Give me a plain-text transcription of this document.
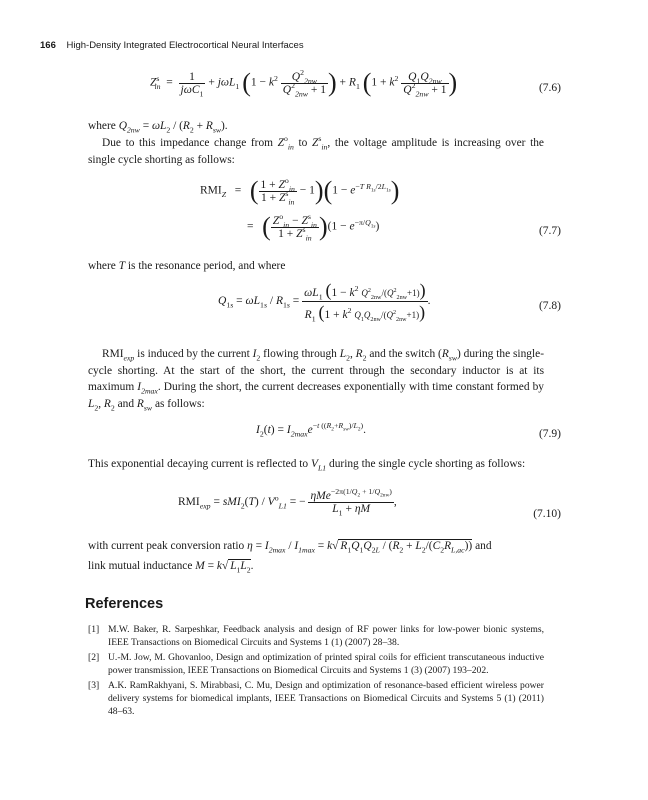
166 High-Density Integrated Electrocortical Neural Interfaces
$Z^s_{in} = \frac{1}{j\omega C_1} + j\omega L_1$ ($1 - k^2 \frac{Q^2_{2nw}}{Q^2_{2nw} + 1}$ ) + $R_1$ ($1 + k^2 \frac{Q_1Q_{2nw}}{Q^2_{2nw} + 1}$ )	(7.6)
where $Q_{2nw} = \omega L_2 / (R_2 + R_{sw})$.
Due to this impedance change from $Z^o_{in}$ to $Z^s_{in}$, the voltage amplitude is increasing over the single cycle shorting as follows:
$RMI_Z$   =   ( $\frac{1 + Z^o_{in}}{1 + Z^s_{in}} - 1)(1 - e^{-T R_{1s}/2L_{1s}})$
=   ( $\frac{Z^o_{in} - Z^s_{in}}{1 + Z^s_{in}} )(1 - e^{-\pi/Q_{1s}})$	(7.7)
where T is the resonance period, and where
$Q_{1s} = \omega L_{1s} / R_{1s} = \frac{\omega L_1 (1 - k^2 Q^2_{2nw}/(Q^2_{2nw}+1))}{R_1 (1 + k^2 Q_1Q_{2nw}/(Q^2_{2nw}+1))}$ .	(7.8)
$RMI_{exp}$ is induced by the current $I_2$ flowing through $L_2$, $R_2$ and the switch $(R_{sw})$ during the single-cycle shorting. At the start of the short, the current through the secondary inductor is at its maximum $I_{2max}$. During the short, the current decreases exponentially with time constant formed by $L_2$, $R_2$ and $R_{sw}$ as follows:
$I_2(t) = I_{2max}e^{-t ((R_2+R_{sw})/L_2)}$.	(7.9)
This exponential decaying current is reflected to $V_{L1}$ during the single cycle shorting as follows:
$RMI_{exp} = sMI_2(T) / V^o_{L1}$ = − $\frac{\eta Me^{-2\pi(1/Q_2 + 1/Q_{2nw})}}{L_1 + \eta M}$ ,
(7.10)
with current peak conversion ratio $\eta = I_{2max} / I_{1max} = k√$ $R_1Q_1Q_{2L} / (R_2 + L_2/(C_2R_{L,ac}))$ and
link mutual inductance M = k√ $L_1L_2$.
References
[1] M.W. Baker, R. Sarpeshkar, Feedback analysis and design of RF power links for low-power bionic systems, IEEE Transactions on Biomedical Circuits and Systems 1 (1) (2007) 28–38.
[2] U.-M. Jow, M. Ghovanloo, Design and optimization of printed spiral coils for efficient transcutaneous inductive power transmission, IEEE Transactions on Biomedical Circuits and Systems 1 (3) (2007) 193–202.
[3] A.K. RamRakhyani, S. Mirabbasi, C. Mu, Design and optimization of resonance-based efficient wireless power delivery systems for biomedical implants, IEEE Transactions on Biomedical Circuits and Systems 5 (1) (2011) 48–63.
